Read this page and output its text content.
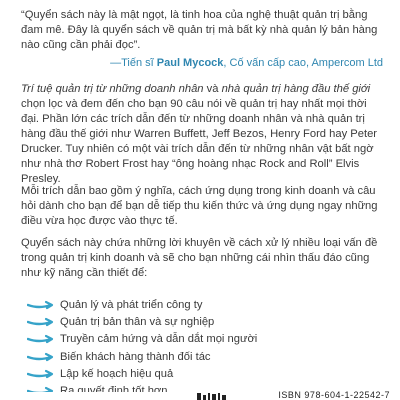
“Quyển sách này là mật ngọt, là tinh hoa của nghệ thuật quản trị bằng đam mê. Đây là quyển sách về quản trị mà bất kỳ nhà quản lý bản hàng nào cũng cần phải đọc”.

—Tiến sĩ Paul Mycock, Cố vấn cấp cao, Ampercom Ltd

Trí tuệ quản trị từ những doanh nhân và nhà quản trị hàng đầu thế giới chọn lọc và đem đến cho bạn 90 câu nói về quản trị hay nhất mọi thời đại. Phần lớn các trích dẫn đến từ những doanh nhân và nhà quản trị hàng đầu thế giới như Warren Buffett, Jeff Bezos, Henry Ford hay Peter Drucker. Tuy nhiên có một vài trích dẫn đến từ những nhân vật bất ngờ như nhà thơ Robert Frost hay “ông hoàng nhạc Rock and Roll” Elvis Presley.

Mỗi trích dẫn bao gồm ý nghĩa, cách ứng dụng trong kinh doanh và câu hỏi dành cho bạn để bạn dễ tiếp thu kiến thức và ứng dụng ngay những điều vừa học được vào thực tế.

Quyển sách này chứa những lời khuyên về cách xử lý nhiều loại vấn đề trong quản trị kinh doanh và sẽ cho bạn những cái nhìn thấu đáo cũng như kỹ năng cần thiết để:

Quản lý và phát triển công ty
Quản trị bản thân và sự nghiệp
Truyền cảm hứng và dẫn dắt mọi người
Biến khách hàng thành đối tác
Lập kế hoạch hiệu quả
ISBN 978-604-1-22542-7
